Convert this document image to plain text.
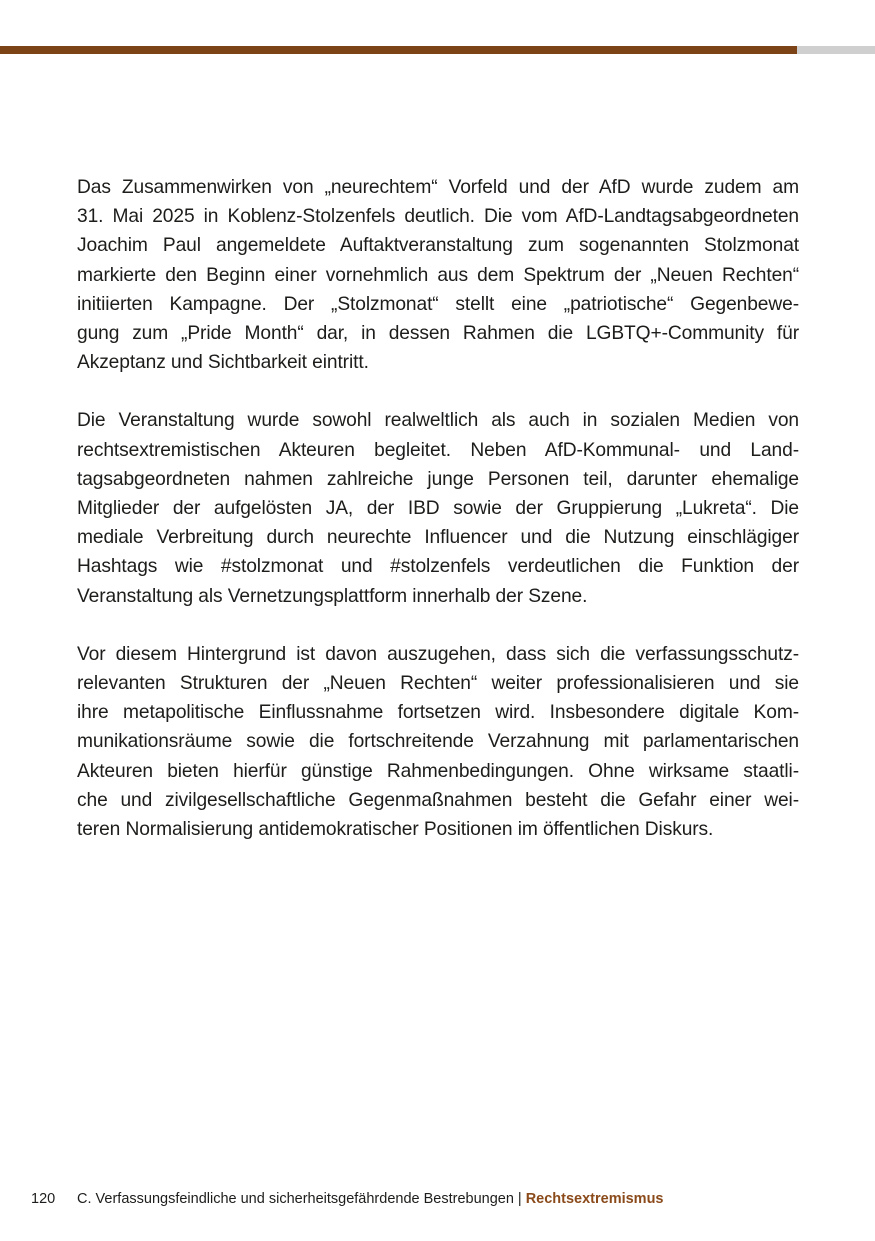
Das Zusammenwirken von „neurechtem“ Vorfeld und der AfD wurde zudem am
31. Mai 2025 in Koblenz-Stolzenfels deutlich. Die vom AfD-Landtagsabgeordneten
Joachim Paul angemeldete Auftaktveranstaltung zum sogenannten Stolzmonat
markierte den Beginn einer vornehmlich aus dem Spektrum der „Neuen Rechten“
initiierten Kampagne. Der „Stolzmonat“ stellt eine „patriotische“ Gegenbewe-
gung zum „Pride Month“ dar, in dessen Rahmen die LGBTQ+-Community für
Akzeptanz und Sichtbarkeit eintritt.

Die Veranstaltung wurde sowohl realweltlich als auch in sozialen Medien von
rechtsextremistischen Akteuren begleitet. Neben AfD-Kommunal- und Land-
tagsabgeordneten nahmen zahlreiche junge Personen teil, darunter ehemalige
Mitglieder der aufgelösten JA, der IBD sowie der Gruppierung „Lukreta“. Die
mediale Verbreitung durch neurechte Influencer und die Nutzung einschlägiger
Hashtags wie #stolzmonat und #stolzenfels verdeutlichen die Funktion der
Veranstaltung als Vernetzungsplattform innerhalb der Szene.

Vor diesem Hintergrund ist davon auszugehen, dass sich die verfassungsschutz-
relevanten Strukturen der „Neuen Rechten“ weiter professionalisieren und sie
ihre metapolitische Einflussnahme fortsetzen wird. Insbesondere digitale Kom-
munikationsräume sowie die fortschreitende Verzahnung mit parlamentarischen
Akteuren bieten hierfür günstige Rahmenbedingungen. Ohne wirksame staatli-
che und zivilgesellschaftliche Gegenmaßnahmen besteht die Gefahr einer wei-
teren Normalisierung antidemokratischer Positionen im öffentlichen Diskurs.

120 C. Verfassungsfeindliche und sicherheitsgefährdende Bestrebungen | Rechtsextremismus
